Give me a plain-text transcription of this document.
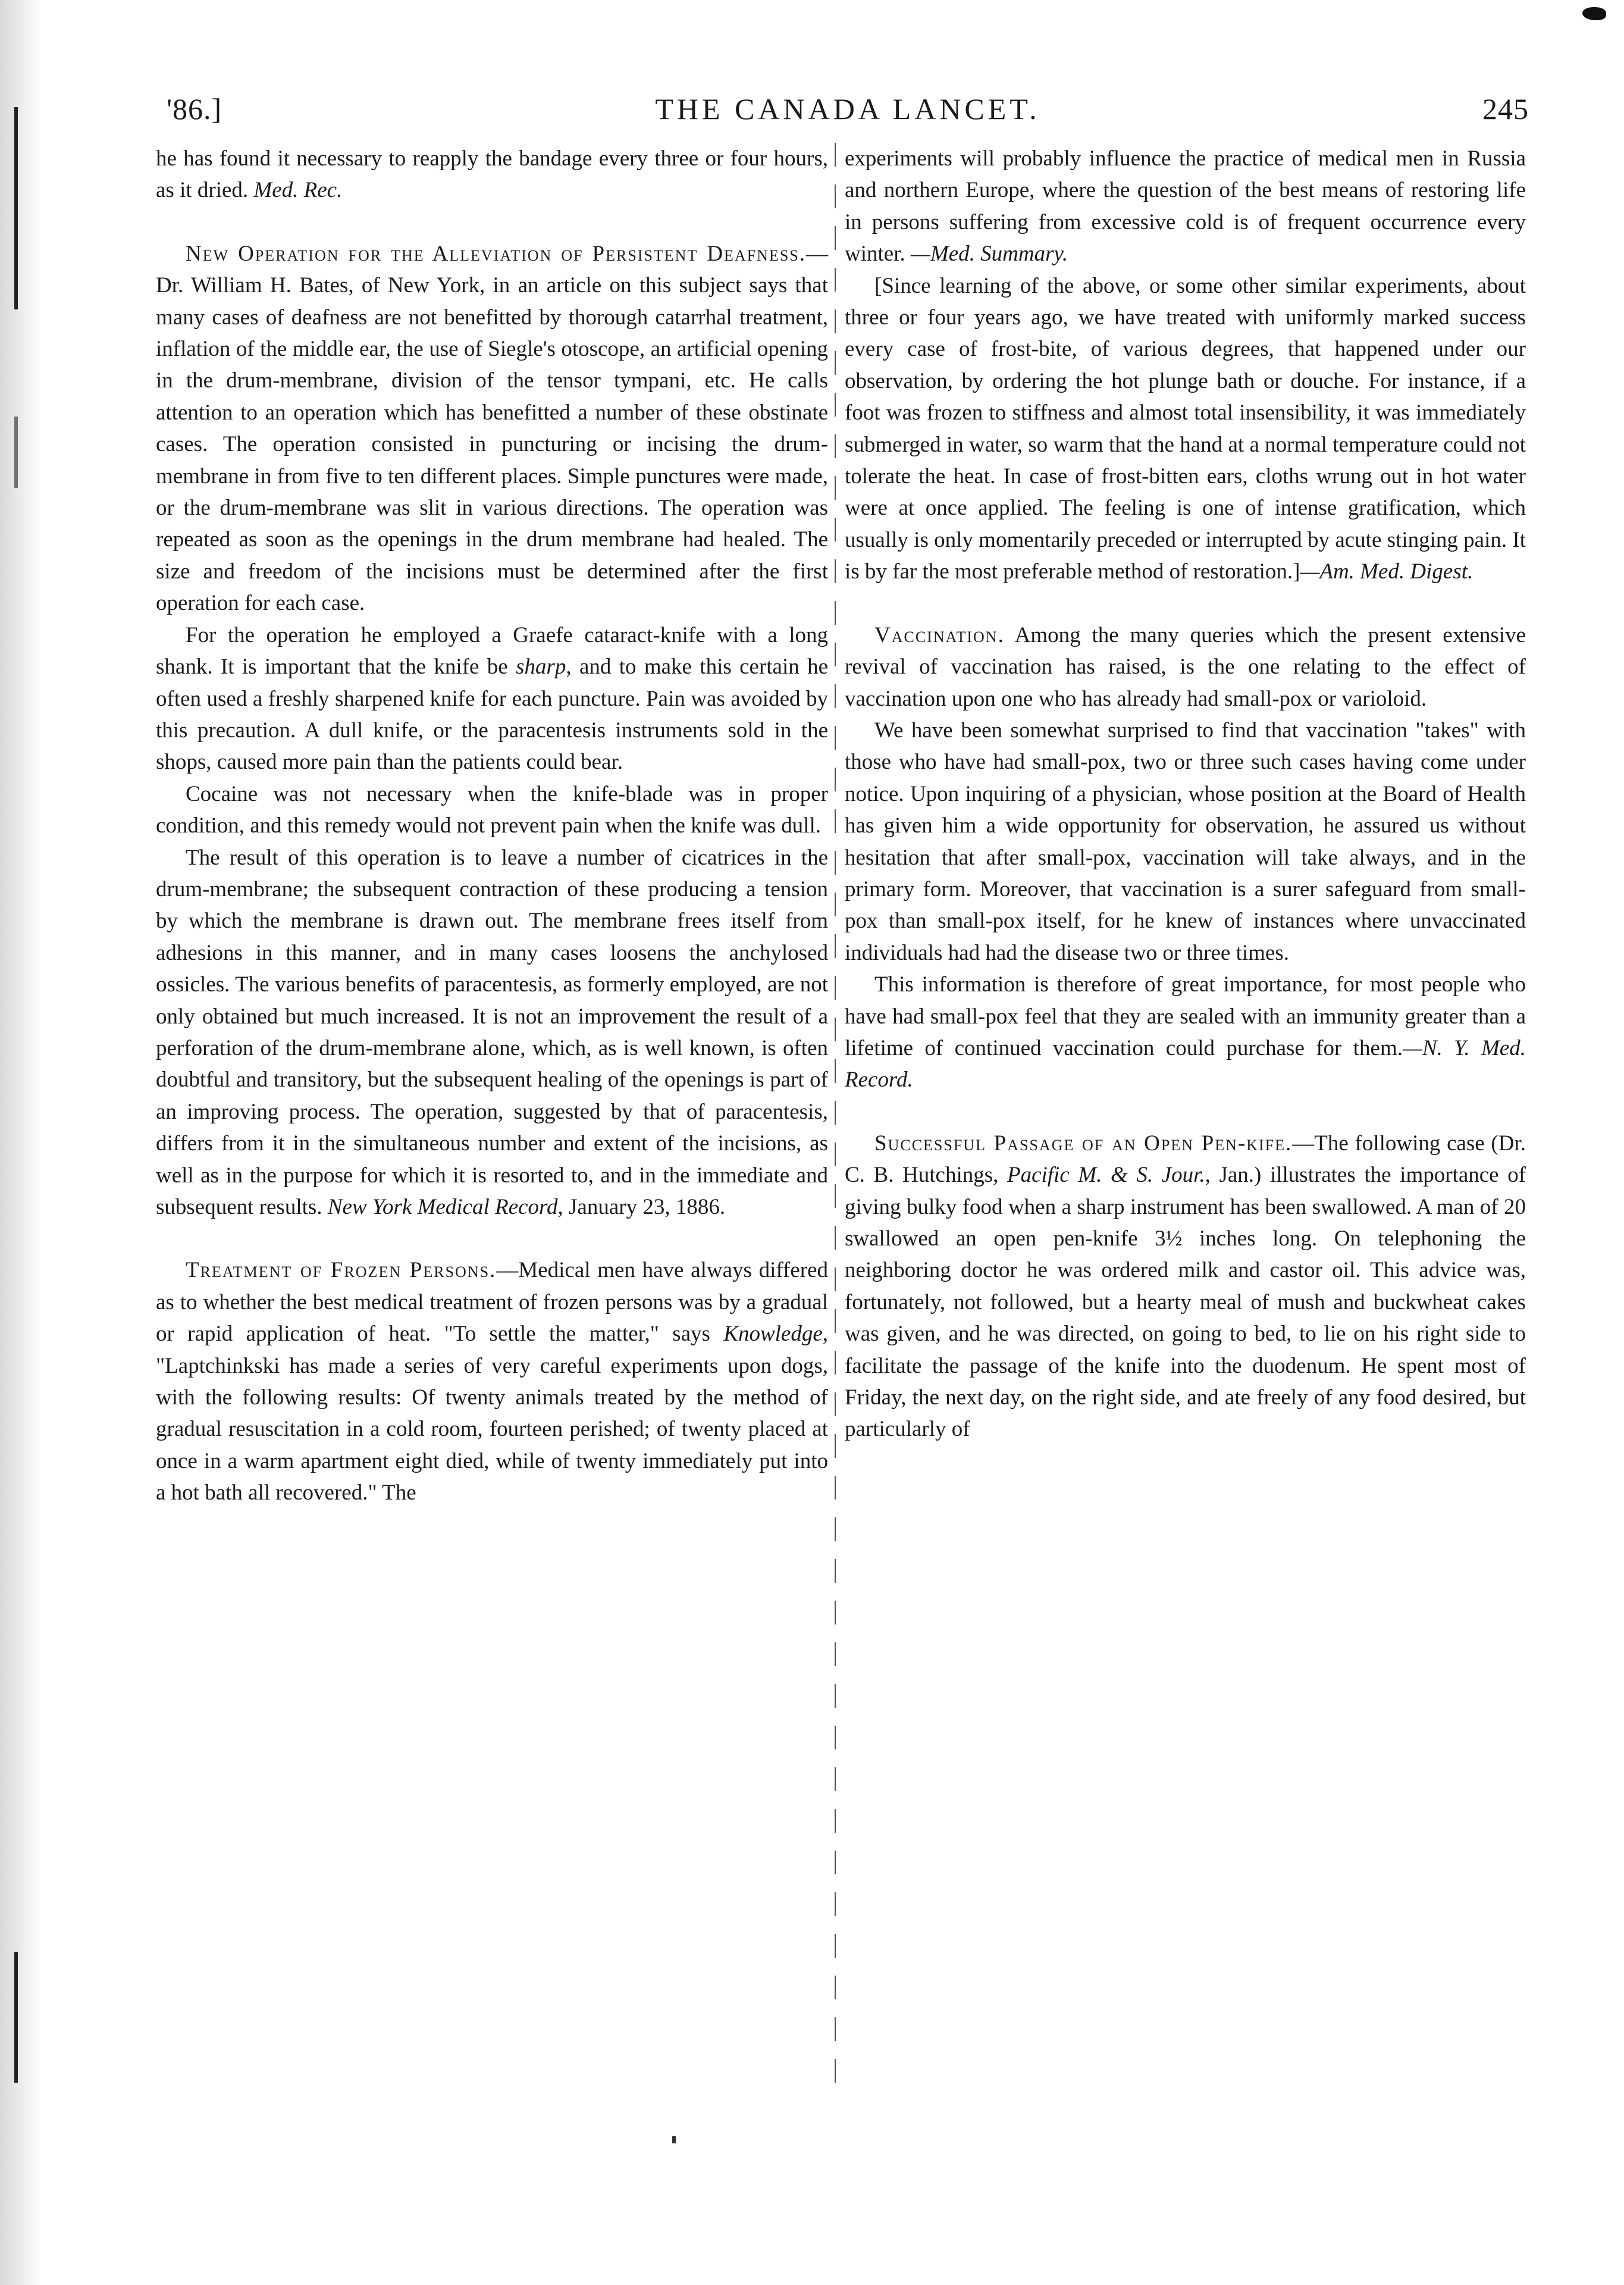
'86.]	THE CANADA LANCET.	245

he has found it necessary to reapply the bandage every three or four hours, as it dried. Med. Rec.

New Operation for the Alleviation of Persistent Deafness.—Dr. William H. Bates, of New York, in an article on this subject says that many cases of deafness are not benefitted by thorough catarrhal treatment, inflation of the middle ear, the use of Siegle's otoscope, an artificial opening in the drum-membrane, division of the tensor tympani, etc. He calls attention to an operation which has benefitted a number of these obstinate cases. The operation consisted in puncturing or incising the drum-membrane in from five to ten different places. Simple punctures were made, or the drum-membrane was slit in various directions. The operation was repeated as soon as the openings in the drum membrane had healed. The size and freedom of the incisions must be determined after the first operation for each case.

For the operation he employed a Graefe cataract-knife with a long shank. It is important that the knife be sharp, and to make this certain he often used a freshly sharpened knife for each puncture. Pain was avoided by this precaution. A dull knife, or the paracentesis instruments sold in the shops, caused more pain than the patients could bear.

Cocaine was not necessary when the knife-blade was in proper condition, and this remedy would not prevent pain when the knife was dull.

The result of this operation is to leave a number of cicatrices in the drum-membrane; the subsequent contraction of these producing a tension by which the membrane is drawn out. The membrane frees itself from adhesions in this manner, and in many cases loosens the anchylosed ossicles. The various benefits of paracentesis, as formerly employed, are not only obtained but much increased. It is not an improvement the result of a perforation of the drum-membrane alone, which, as is well known, is often doubtful and transitory, but the subsequent healing of the openings is part of an improving process. The operation, suggested by that of paracentesis, differs from it in the simultaneous number and extent of the incisions, as well as in the purpose for which it is resorted to, and in the immediate and subsequent results. New York Medical Record, January 23, 1886.

Treatment of Frozen Persons.—Medical men have always differed as to whether the best medical treatment of frozen persons was by a gradual or rapid application of heat. "To settle the matter," says Knowledge, "Laptchinkski has made a series of very careful experiments upon dogs, with the following results: Of twenty animals treated by the method of gradual resuscitation in a cold room, fourteen perished; of twenty placed at once in a warm apartment eight died, while of twenty immediately put into a hot bath all recovered." The

experiments will probably influence the practice of medical men in Russia and northern Europe, where the question of the best means of restoring life in persons suffering from excessive cold is of frequent occurrence every winter. —Med. Summary.

[Since learning of the above, or some other similar experiments, about three or four years ago, we have treated with uniformly marked success every case of frost-bite, of various degrees, that happened under our observation, by ordering the hot plunge bath or douche. For instance, if a foot was frozen to stiffness and almost total insensibility, it was immediately submerged in water, so warm that the hand at a normal temperature could not tolerate the heat. In case of frost-bitten ears, cloths wrung out in hot water were at once applied. The feeling is one of intense gratification, which usually is only momentarily preceded or interrupted by acute stinging pain. It is by far the most preferable method of restoration.]—Am. Med. Digest.

Vaccination. Among the many queries which the present extensive revival of vaccination has raised, is the one relating to the effect of vaccination upon one who has already had small-pox or varioloid.

We have been somewhat surprised to find that vaccination "takes" with those who have had small-pox, two or three such cases having come under notice. Upon inquiring of a physician, whose position at the Board of Health has given him a wide opportunity for observation, he assured us without hesitation that after small-pox, vaccination will take always, and in the primary form. Moreover, that vaccination is a surer safeguard from small-pox than small-pox itself, for he knew of instances where unvaccinated individuals had had the disease two or three times.

This information is therefore of great importance, for most people who have had small-pox feel that they are sealed with an immunity greater than a lifetime of continued vaccination could purchase for them.—N. Y. Med. Record.

Successful Passage of an Open Pen-kife.—The following case (Dr. C. B. Hutchings, Pacific M. & S. Jour., Jan.) illustrates the importance of giving bulky food when a sharp instrument has been swallowed. A man of 20 swallowed an open pen-knife 3½ inches long. On telephoning the neighboring doctor he was ordered milk and castor oil. This advice was, fortunately, not followed, but a hearty meal of mush and buckwheat cakes was given, and he was directed, on going to bed, to lie on his right side to facilitate the passage of the knife into the duodenum. He spent most of Friday, the next day, on the right side, and ate freely of any food desired, but particularly of
